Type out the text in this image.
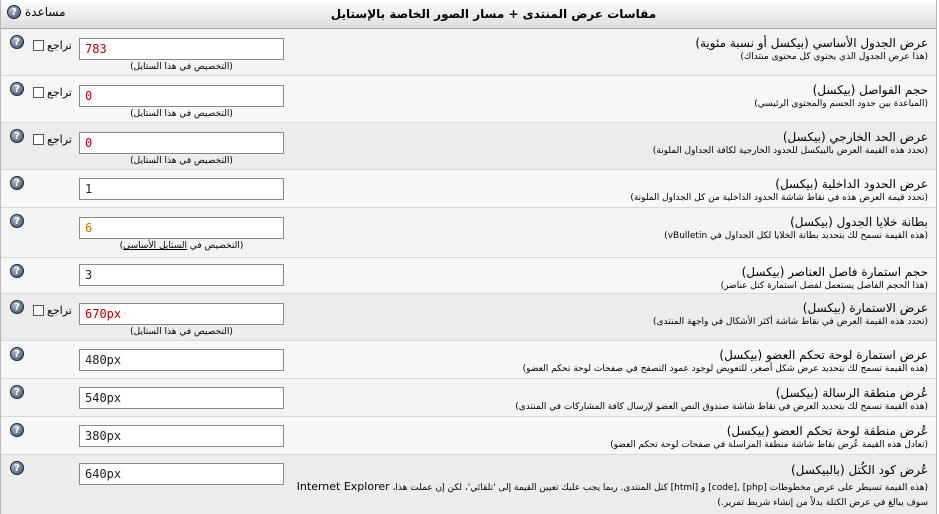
مقاسات عرض المنتدى + مسار الصور الخاصة بالإستايل
? مساعدة
?	تراجع	783
(التخصيص في هذا الستايل)
عرض الجدول الأساسي (بيكسل أو نسبة مئوية)
(هذا عرض الجدول الذي يحتوي كل محتوى منتداك)
?	تراجع	0
(التخصيص في هذا الستايل)
حجم الفواصل (بيكسل)
(المباعدة بين حدود الجسم والمحتوى الرئيسي)
?	تراجع	0
(التخصيص في هذا الستايل)
عرض الحد الخارجي (بيكسل)
(تحدد هذه القيمة العرض بالبيكسل للحدود الخارجية لكافة الجداول الملونة)
?	1	عرض الحدود الداخلية (بيكسل)
(تحدد قيمة العرض هذه في نقاط شاشة الحدود الداخلية من كل الجداول الملونة)
?	6
(التخصيص في الستايل الأساسي	)
بطانة خلايا الجدول (بيكسل)
(هذه القيمة تسمح لك بتحديد بطانة الخلايا لكل الجداول في vBulletin)
?	3	حجم استمارة فاصل العناصر (بيكسل)
(هذا الحجم الفاصل يستعمل لفصل استمارة كتل عناصر)
?	تراجع	670px
(التخصيص في هذا الستايل)
عرض الاستمارة (بيكسل)
(تحدد هذه القيمة العرض في نقاط شاشة أكثر الأشكال في واجهة المنتدى)
?	480px	عرض استمارة لوحة تحكم العضو (بيكسل)
(هذه القيمة تسمح لك بتحديد عرض شكل أصغر، للتعويض لوجود عمود التصفح في صفحات لوحة تحكم العضو)
?	540px	عُرض منطقة الرسالة (بيكسل)
(هذه القيمة تسمح لك بتحديد العرض في نقاط شاشة صندوق النص العضو لإرسال كافة المشاركات في المنتدى)
?	380px	عُرض منطقة لوحة تحكم العضو (بيكسل)
(تعادل هذه القيمة عُرض نقاط شاشة منطقة المراسلة في صفحات لوحة تحكم العضو)
?	640px	عُرض كود الكُتل (بالبيكسل)
(هذه القيمة تسيطر على عرض مخطوطات [php] ,[code] و [html] كتل المنتدى. ربما يجب عليك تعيين القيمة إلى 'تلقائي'، لكن إن عملت هذا، Internet Explorer
سوف يبالغ في عرض الكتلة بدلاً من إنشاء شريط تمرير.)
